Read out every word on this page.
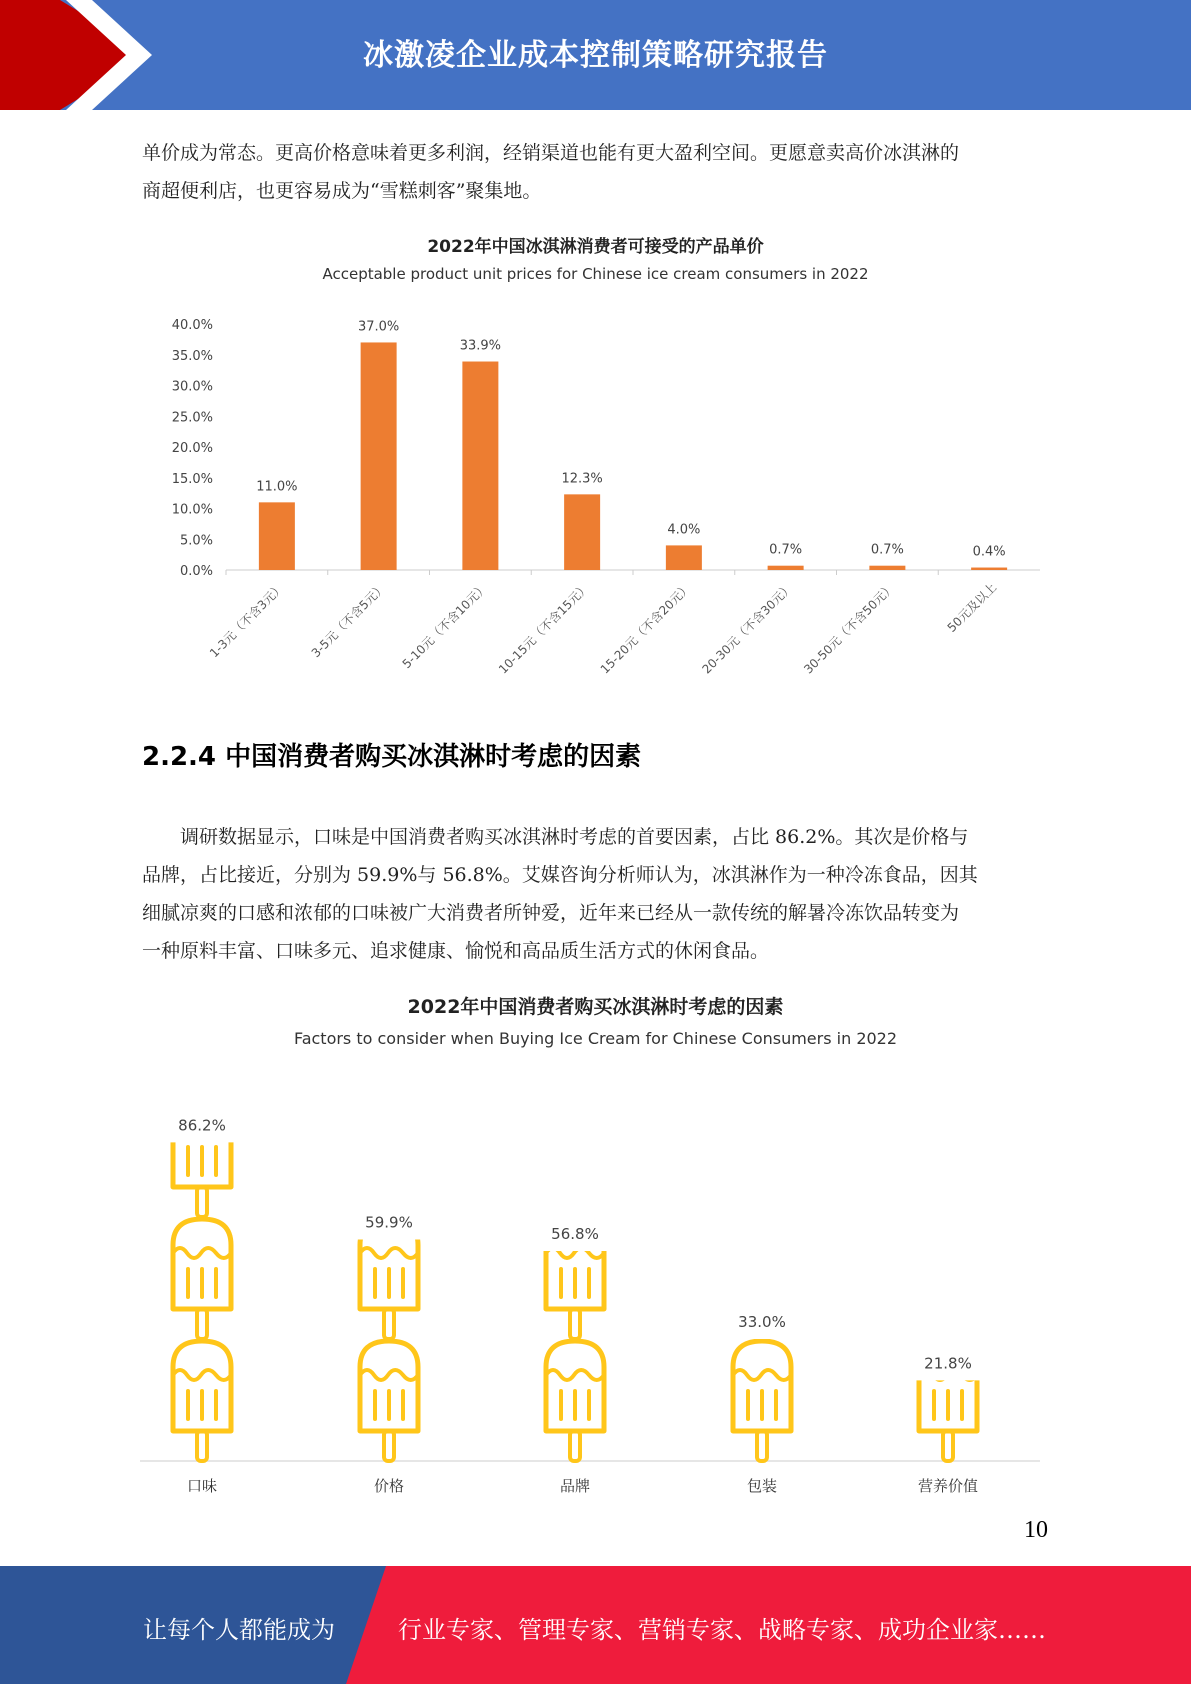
冰激凌企业成本控制策略研究报告
单价成为常态。更高价格意味着更多利润，经销渠道也能有更大盈利空间。更愿意卖高价冰淇淋的
商超便利店，也更容易成为“雪糕刺客”聚集地。
2022年中国冰淇淋消费者可接受的产品单价
Acceptable product unit prices for Chinese ice cream consumers in 2022
0.0%
5.0%
10.0%
15.0%
20.0%
25.0%
30.0%
35.0%
40.0%
11.0%
1-3元（不含3元）
37.0%
3-5元（不含5元）
33.9%
5-10元（不含10元）
12.3%
10-15元（不含15元）
4.0%
15-20元（不含20元）
0.7%
20-30元（不含30元）
0.7%
30-50元（不含50元）
0.4%
50元及以上
2.2.4 中国消费者购买冰淇淋时考虑的因素
调研数据显示，口味是中国消费者购买冰淇淋时考虑的首要因素，占比 86.2%。其次是价格与
品牌，占比接近，分别为 59.9%与 56.8%。艾媒咨询分析师认为，冰淇淋作为一种冷冻食品，因其
细腻凉爽的口感和浓郁的口味被广大消费者所钟爱，近年来已经从一款传统的解暑冷冻饮品转变为
一种原料丰富、口味多元、追求健康、愉悦和高品质生活方式的休闲食品。
2022年中国消费者购买冰淇淋时考虑的因素
Factors to consider when Buying Ice Cream for Chinese Consumers in 2022
86.2%
口味
59.9%
价格
56.8%
品牌
33.0%
包装
21.8%
营养价值
10
让每个人都能成为	行业专家、管理专家、营销专家、战略专家、成功企业家……
